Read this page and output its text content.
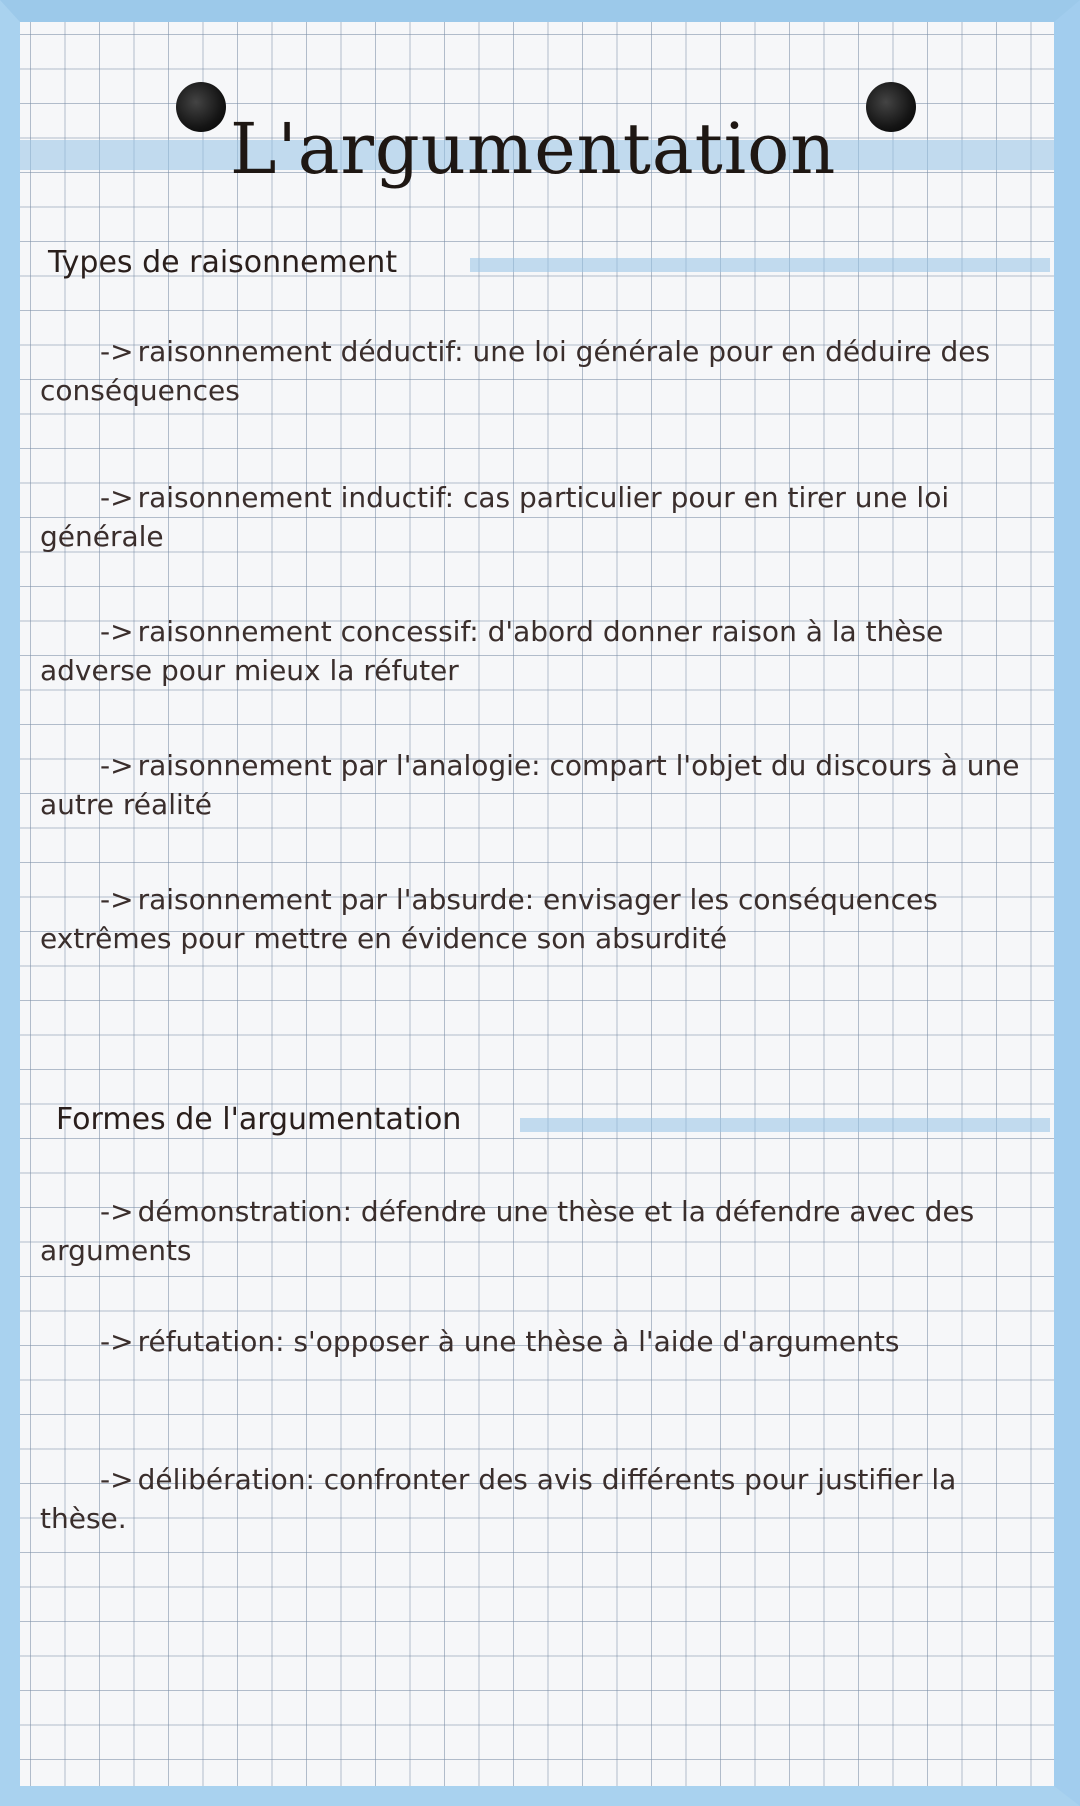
L'argumentation
Types de raisonnement
-> raisonnement déductif: une loi générale pour en déduire des conséquences
-> raisonnement inductif: cas particulier pour en tirer une loi générale
-> raisonnement concessif: d'abord donner raison à la thèse adverse pour mieux la réfuter
-> raisonnement par l'analogie: compart l'objet du discours à une autre réalité
-> raisonnement par l'absurde: envisager les conséquences extrêmes pour mettre en évidence son absurdité
Formes de l'argumentation
-> démonstration: défendre une thèse et la défendre avec des arguments
-> réfutation: s'opposer à une thèse à l'aide d'arguments
-> délibération: confronter des avis différents pour justifier la thèse.
